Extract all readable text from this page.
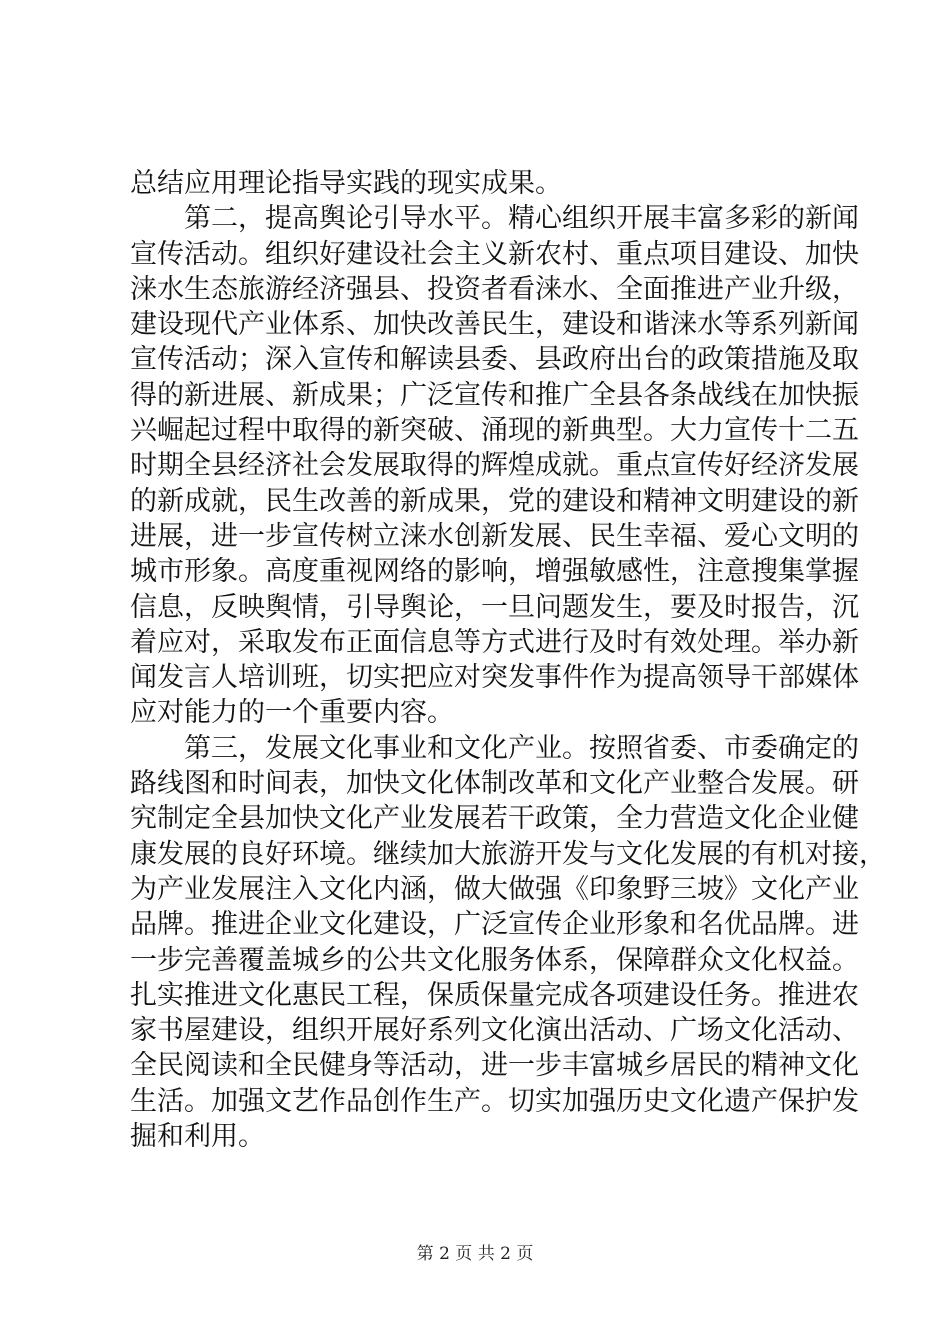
总结应用理论指导实践的现实成果。
第二，提高舆论引导水平。精心组织开展丰富多彩的新闻
宣传活动。组织好建设社会主义新农村、重点项目建设、加快
涞水生态旅游经济强县、投资者看涞水、全面推进产业升级，
建设现代产业体系、加快改善民生，建设和谐涞水等系列新闻
宣传活动；深入宣传和解读县委、县政府出台的政策措施及取
得的新进展、新成果；广泛宣传和推广全县各条战线在加快振
兴崛起过程中取得的新突破、涌现的新典型。大力宣传十二五
时期全县经济社会发展取得的辉煌成就。重点宣传好经济发展
的新成就，民生改善的新成果，党的建设和精神文明建设的新
进展，进一步宣传树立涞水创新发展、民生幸福、爱心文明的
城市形象。高度重视网络的影响，增强敏感性，注意搜集掌握
信息，反映舆情，引导舆论，一旦问题发生，要及时报告，沉
着应对，采取发布正面信息等方式进行及时有效处理。举办新
闻发言人培训班，切实把应对突发事件作为提高领导干部媒体
应对能力的一个重要内容。
第三，发展文化事业和文化产业。按照省委、市委确定的
路线图和时间表，加快文化体制改革和文化产业整合发展。研
究制定全县加快文化产业发展若干政策，全力营造文化企业健
康发展的良好环境。继续加大旅游开发与文化发展的有机对接，
为产业发展注入文化内涵，做大做强《印象野三坡》文化产业
品牌。推进企业文化建设，广泛宣传企业形象和名优品牌。进
一步完善覆盖城乡的公共文化服务体系，保障群众文化权益。
扎实推进文化惠民工程，保质保量完成各项建设任务。推进农
家书屋建设，组织开展好系列文化演出活动、广场文化活动、
全民阅读和全民健身等活动，进一步丰富城乡居民的精神文化
生活。加强文艺作品创作生产。切实加强历史文化遗产保护发
掘和利用。
第 2 页 共 2 页
